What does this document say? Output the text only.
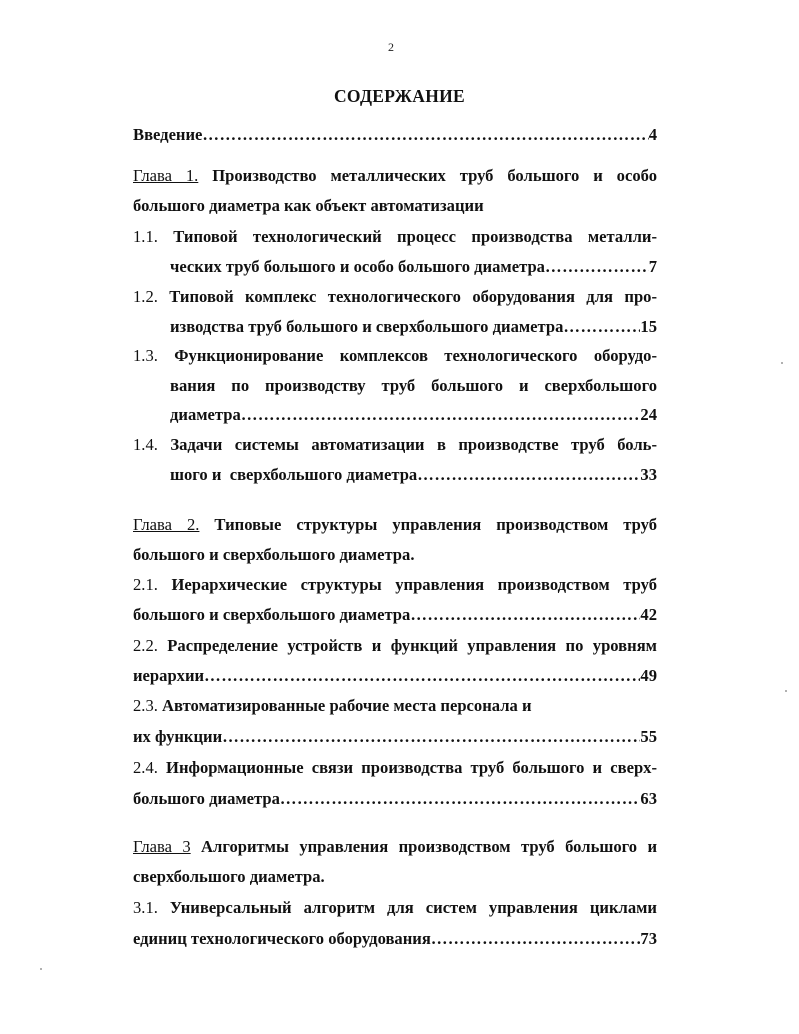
2
СОДЕРЖАНИЕ
Введение ……………………………………………………………………………………………………………………………………	4
Глава 1. Производство металлических труб большого и особо
большого диаметра как объект автоматизации
1.1. Типовой технологический процесс производства металли-
ческих труб большого и особо большого диаметра ……………………………………………………………………………………………………………………………………	7
1.2. Типовой комплекс технологического оборудования для про-
изводства труб большого и сверхбольшого диаметра ……………………………………………………………………………………………………………………………………	15
1.3. Функционирование комплексов технологического оборудо-
вания по производству труб большого и сверхбольшого
диаметра ……………………………………………………………………………………………………………………………………	24
1.4. Задачи системы автоматизации в производстве труб боль-
шого и  сверхбольшого диаметра ……………………………………………………………………………………………………………………………………	33
Глава 2. Типовые структуры управления производством труб
большого и сверхбольшого диаметра.
2.1. Иерархические структуры управления производством труб
большого и сверхбольшого диаметра ……………………………………………………………………………………………………………………………………	42
2.2. Распределение устройств и функций управления по уровням
иерархии ……………………………………………………………………………………………………………………………………	49
2.3. Автоматизированные рабочие места персонала и
их функции ……………………………………………………………………………………………………………………………………	55
2.4. Информационные связи производства труб большого и сверх-
большого диаметра ……………………………………………………………………………………………………………………………………	63
Глава 3 Алгоритмы управления производством труб большого и
сверхбольшого диаметра.
3.1. Универсальный алгоритм для систем управления циклами
единиц технологического оборудования ……………………………………………………………………………………………………………………………………	73
